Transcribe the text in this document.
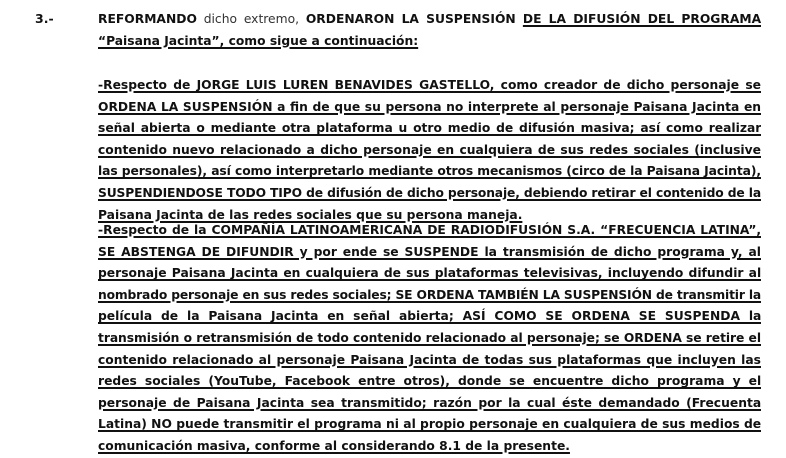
3.-	REFORMANDO dicho extremo, ORDENARON LA SUSPENSIÓN DE LA DIFUSIÓN DEL PROGRAMA
“Paisana Jacinta”, como sigue a continuación:
-Respecto de JORGE LUIS LUREN BENAVIDES GASTELLO, como creador de dicho personaje se
ORDENA LA SUSPENSIÓN a fin de que su persona no interprete al personaje Paisana Jacinta en
señal abierta o mediante otra plataforma u otro medio de difusión masiva; así como realizar
contenido nuevo relacionado a dicho personaje en cualquiera de sus redes sociales (inclusive
las personales), así como interpretarlo mediante otros mecanismos (circo de la Paisana Jacinta),
SUSPENDIENDOSE TODO TIPO de difusión de dicho personaje, debiendo retirar el contenido de la
Paisana Jacinta de las redes sociales que su persona maneja.
-Respecto de la COMPAÑÍA LATINOAMERICANA DE RADIODIFUSIÓN S.A. “FRECUENCIA LATINA”,
SE ABSTENGA DE DIFUNDIR y por ende se SUSPENDE la transmisión de dicho programa y, al
personaje Paisana Jacinta en cualquiera de sus plataformas televisivas, incluyendo difundir al
nombrado personaje en sus redes sociales; SE ORDENA TAMBIÉN LA SUSPENSIÓN de transmitir la
película de la Paisana Jacinta en señal abierta; ASÍ COMO SE ORDENA SE SUSPENDA la
transmisión o retransmisión de todo contenido relacionado al personaje; se ORDENA se retire el
contenido relacionado al personaje Paisana Jacinta de todas sus plataformas que incluyen las
redes sociales (YouTube, Facebook entre otros), donde se encuentre dicho programa y el
personaje de Paisana Jacinta sea transmitido; razón por la cual éste demandado (Frecuenta
Latina) NO puede transmitir el programa ni al propio personaje en cualquiera de sus medios de
comunicación masiva, conforme al considerando 8.1 de la presente.
